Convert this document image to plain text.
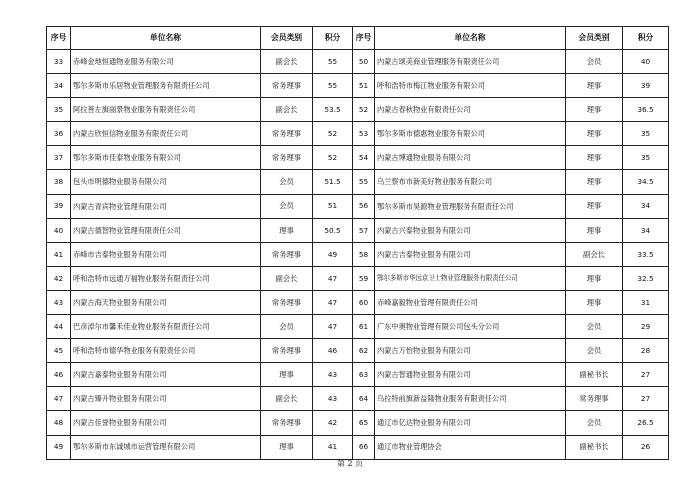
序号	单位名称	会员类别	积分	序号	单位名称	会员类别	积分
33	赤峰金地恒通物业服务有限公司	副会长	55	50	内蒙古颂美商业管理服务有限责任公司	会员	40
34	鄂尔多斯市乐居物业管理服务有限责任公司	常务理事	55	51	呼和浩特市梅江物业服务有限公司	理事	39
35	阿拉善左旗丽景物业服务有限责任公司	副会长	53.5	52	内蒙古春秋物业有限责任公司	理事	36.5
36	内蒙古欣恒信物业服务有限责任公司	常务理事	52	53	鄂尔多斯市德惠物业服务有限公司	理事	35
37	鄂尔多斯市佳泰物业服务有限公司	常务理事	52	54	内蒙古博通物业服务有限公司	理事	35
38	包头市明德物业服务有限公司	会员	51.5	55	乌兰察布市新美好物业服务有限公司	理事	34.5
39	内蒙古青宾物业管理有限公司	会员	51	56	鄂尔多斯市昊源物业管理服务有限责任公司	理事	34
40	内蒙古德智物业管理有限责任公司	理事	50.5	57	内蒙古兴泰物业服务有限公司	理事	34
41	赤峰市吉泰物业服务有限公司	常务理事	49	58	内蒙古吉泰物业服务有限公司	副会长	33.5
42	呼和浩特市远通万福物业服务有限责任公司	副会长	47	59	鄂尔多斯市华远京卫士物业管理服务有限责任公司	理事	32.5
43	内蒙古海天物业服务有限公司	常务理事	47	60	赤峰嘉毅物业管理有限责任公司	理事	31
44	巴彦淖尔市馨禾佳业物业服务有限责任公司	会员	47	61	广东中奥物业管理有限公司包头分公司	会员	29
45	呼和浩特市德华物业服务有限责任公司	常务理事	46	62	内蒙古万怡物业服务有限公司	会员	28
46	内蒙古嘉泰物业服务有限公司	理事	43	63	内蒙古智通物业服务有限公司	副秘书长	27
47	内蒙古臻升物业服务有限公司	副会长	43	64	乌拉特前旗新益隆物业服务有限责任公司	常务理事	27
48	内蒙古佳誉物业服务有限公司	常务理事	42	65	通辽市亿达物业服务有限公司	会员	26.5
49	鄂尔多斯市东诚城市运营管理有限公司	理事	41	66	通辽市物业管理协会	副秘书长	26
第 2 页
